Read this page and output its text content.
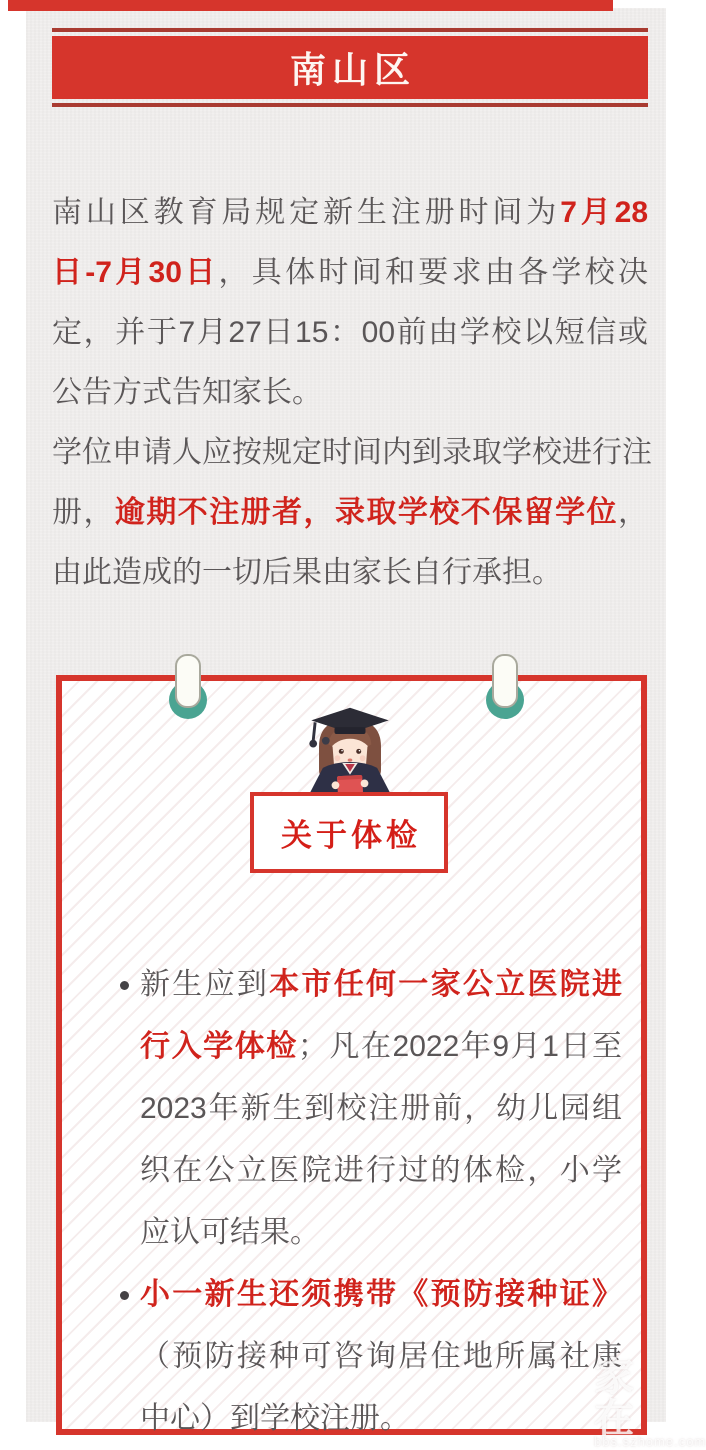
南山区
南山区教育局规定新生注册时间为7月28
日-7月30日，具体时间和要求由各学校决
定，并于7月27日15：00前由学校以短信或
公告方式告知家长。
学位申请人应按规定时间内到录取学校进行注
册，逾期不注册者，录取学校不保留学位，
由此造成的一切后果由家长自行承担。
关于体检
新生应到本市任何一家公立医院进
行入学体检；凡在2022年9月1日至
2023年新生到校注册前，幼儿园组
织在公立医院进行过的体检，小学
应认可结果。
小一新生还须携带《预防接种证》
（预防接种可咨询居住地所属社康
中心）到学校注册。
家在
深圳
bbs.szhome.com
